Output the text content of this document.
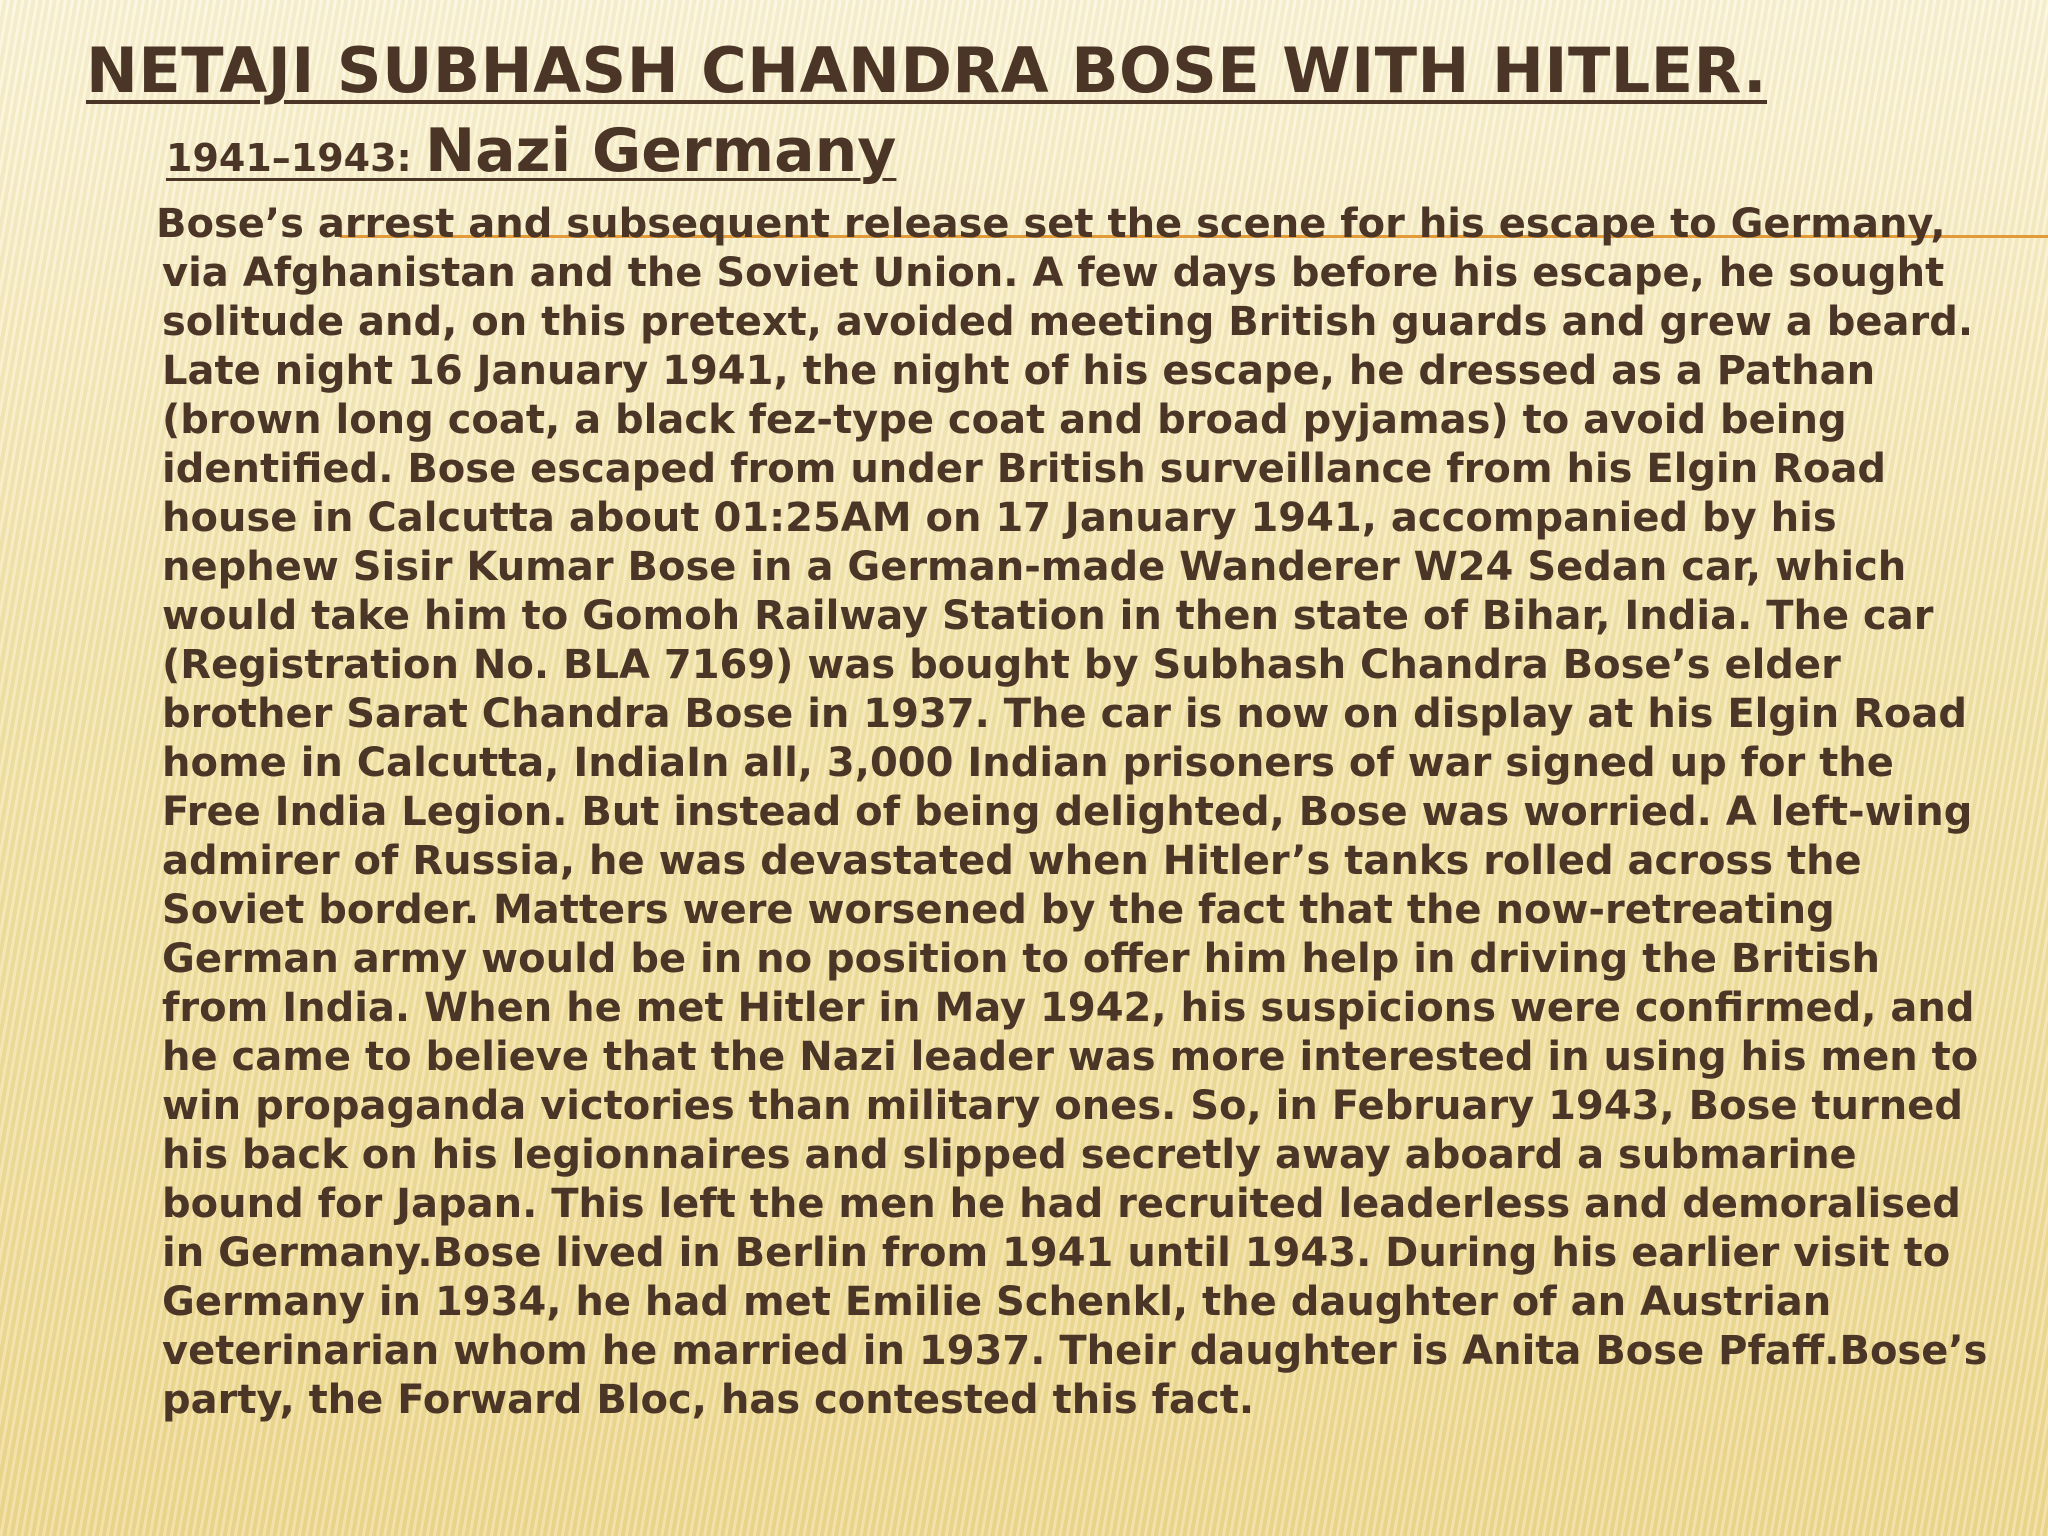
NETAJI SUBHASH CHANDRA BOSE WITH HITLER.
1941–1943: Nazi Germany

Bose’s arrest and subsequent release set the scene for his escape to Germany, via Afghanistan and the Soviet Union. A few days before his escape, he sought solitude and, on this pretext, avoided meeting British guards and grew a beard. Late night 16 January 1941, the night of his escape, he dressed as a Pathan (brown long coat, a black fez-type coat and broad pyjamas) to avoid being identified. Bose escaped from under British surveillance from his Elgin Road house in Calcutta about 01:25AM on 17 January 1941, accompanied by his nephew Sisir Kumar Bose in a German-made Wanderer W24 Sedan car, which would take him to Gomoh Railway Station in then state of Bihar, India. The car (Registration No. BLA 7169) was bought by Subhash Chandra Bose’s elder brother Sarat Chandra Bose in 1937. The car is now on display at his Elgin Road home in Calcutta, IndiaIn all, 3,000 Indian prisoners of war signed up for the Free India Legion. But instead of being delighted, Bose was worried. A left-wing admirer of Russia, he was devastated when Hitler’s tanks rolled across the Soviet border. Matters were worsened by the fact that the now-retreating German army would be in no position to offer him help in driving the British from India. When he met Hitler in May 1942, his suspicions were confirmed, and he came to believe that the Nazi leader was more interested in using his men to win propaganda victories than military ones. So, in February 1943, Bose turned his back on his legionnaires and slipped secretly away aboard a submarine bound for Japan. This left the men he had recruited leaderless and demoralised in Germany.Bose lived in Berlin from 1941 until 1943. During his earlier visit to Germany in 1934, he had met Emilie Schenkl, the daughter of an Austrian veterinarian whom he married in 1937. Their daughter is Anita Bose Pfaff.Bose’s party, the Forward Bloc, has contested this fact.
